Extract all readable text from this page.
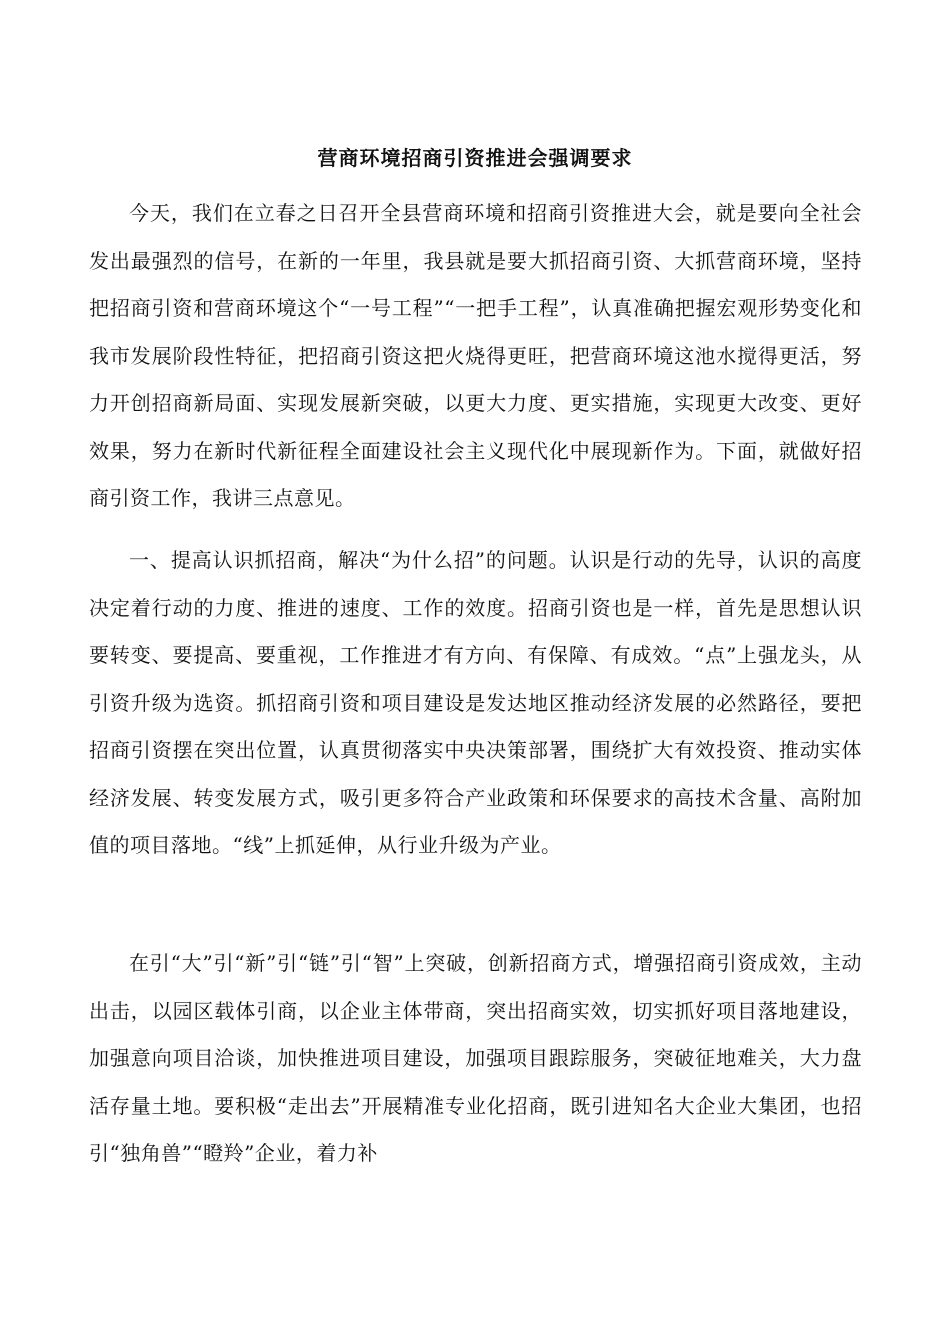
营商环境招商引资推进会强调要求

今天，我们在立春之日召开全县营商环境和招商引资推进大会，就是要向全社会发出最强烈的信号，在新的一年里，我县就是要大抓招商引资、大抓营商环境，坚持把招商引资和营商环境这个“一号工程”“一把手工程”，认真准确把握宏观形势变化和我市发展阶段性特征，把招商引资这把火烧得更旺，把营商环境这池水搅得更活，努力开创招商新局面、实现发展新突破，以更大力度、更实措施，实现更大改变、更好效果，努力在新时代新征程全面建设社会主义现代化中展现新作为。下面，就做好招商引资工作，我讲三点意见。

一、提高认识抓招商，解决“为什么招”的问题。认识是行动的先导，认识的高度决定着行动的力度、推进的速度、工作的效度。招商引资也是一样，首先是思想认识要转变、要提高、要重视，工作推进才有方向、有保障、有成效。“点”上强龙头，从引资升级为选资。抓招商引资和项目建设是发达地区推动经济发展的必然路径，要把招商引资摆在突出位置，认真贯彻落实中央决策部署，围绕扩大有效投资、推动实体经济发展、转变发展方式，吸引更多符合产业政策和环保要求的高技术含量、高附加值的项目落地。“线”上抓延伸，从行业升级为产业。

在引“大”引“新”引“链”引“智”上突破，创新招商方式，增强招商引资成效，主动出击，以园区载体引商，以企业主体带商，突出招商实效，切实抓好项目落地建设，加强意向项目洽谈，加快推进项目建设，加强项目跟踪服务，突破征地难关，大力盘活存量土地。要积极“走出去”开展精准专业化招商，既引进知名大企业大集团，也招引“独角兽”“瞪羚”企业，着力补
